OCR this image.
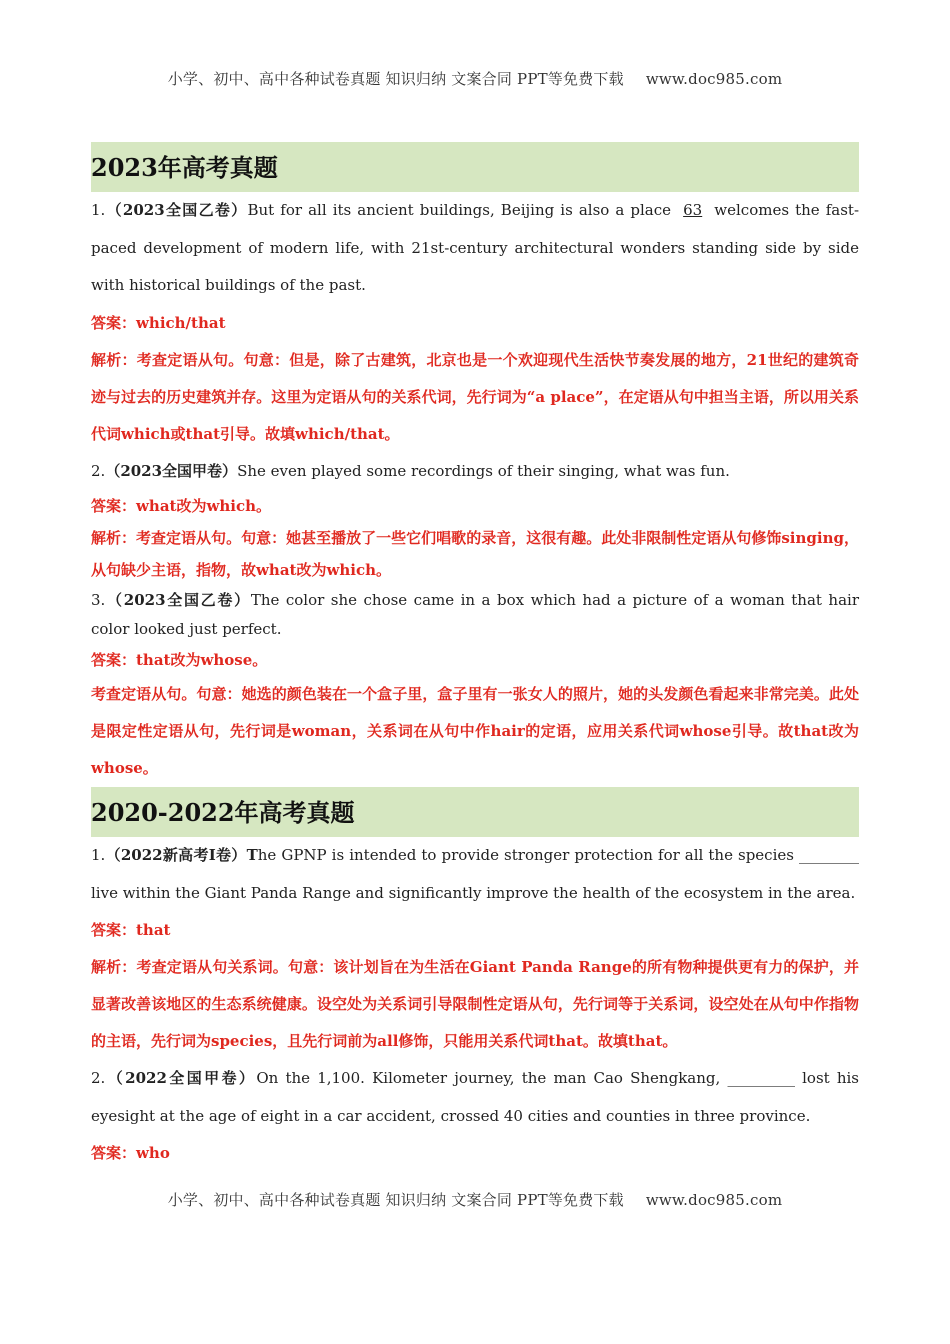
小学、初中、高中各种试卷真题 知识归纳 文案合同 PPT等免费下载 www.doc985.com
2023年高考真题
1.（2023全国乙卷）But for all its ancient buildings, Beijing is also a place 63 welcomes the fast-paced development of modern life, with 21st-century architectural wonders standing side by side with historical buildings of the past.
答案：which/that
解析：考查定语从句。句意：但是，除了古建筑，北京也是一个欢迎现代生活快节奏发展的地方，21世纪的建筑奇迹与过去的历史建筑并存。这里为定语从句的关系代词，先行词为“a place”，在定语从句中担当主语，所以用关系代词which或that引导。故填which/that。
2.（2023全国甲卷）She even played some recordings of their singing, what was fun.
答案：what改为which。
解析：考查定语从句。句意：她甚至播放了一些它们唱歌的录音，这很有趣。此处非限制性定语从句修饰singing，从句缺少主语，指物，故what改为which。
3.（2023全国乙卷）The color she chose came in a box which had a picture of a woman that hair color looked just perfect.
答案：that改为whose。
考查定语从句。句意：她选的颜色装在一个盒子里，盒子里有一张女人的照片，她的头发颜色看起来非常完美。此处是限定性定语从句，先行词是woman，关系词在从句中作hair的定语，应用关系代词whose引导。故that改为whose。
2020-2022年高考真题
1.（2022新高考I卷）The GPNP is intended to provide stronger protection for all the species ________ live within the Giant Panda Range and significantly improve the health of the ecosystem in the area.
答案：that
解析：考查定语从句关系词。句意：该计划旨在为生活在Giant Panda Range的所有物种提供更有力的保护，并显著改善该地区的生态系统健康。设空处为关系词引导限制性定语从句，先行词等于关系词，设空处在从句中作指物的主语，先行词为species，且先行词前为all修饰，只能用关系代词that。故填that。
2.（2022全国甲卷）On the 1,100. Kilometer journey, the man Cao Shengkang, _________ lost his eyesight at the age of eight in a car accident, crossed 40 cities and counties in three province.
答案：who
小学、初中、高中各种试卷真题 知识归纳 文案合同 PPT等免费下载 www.doc985.com
